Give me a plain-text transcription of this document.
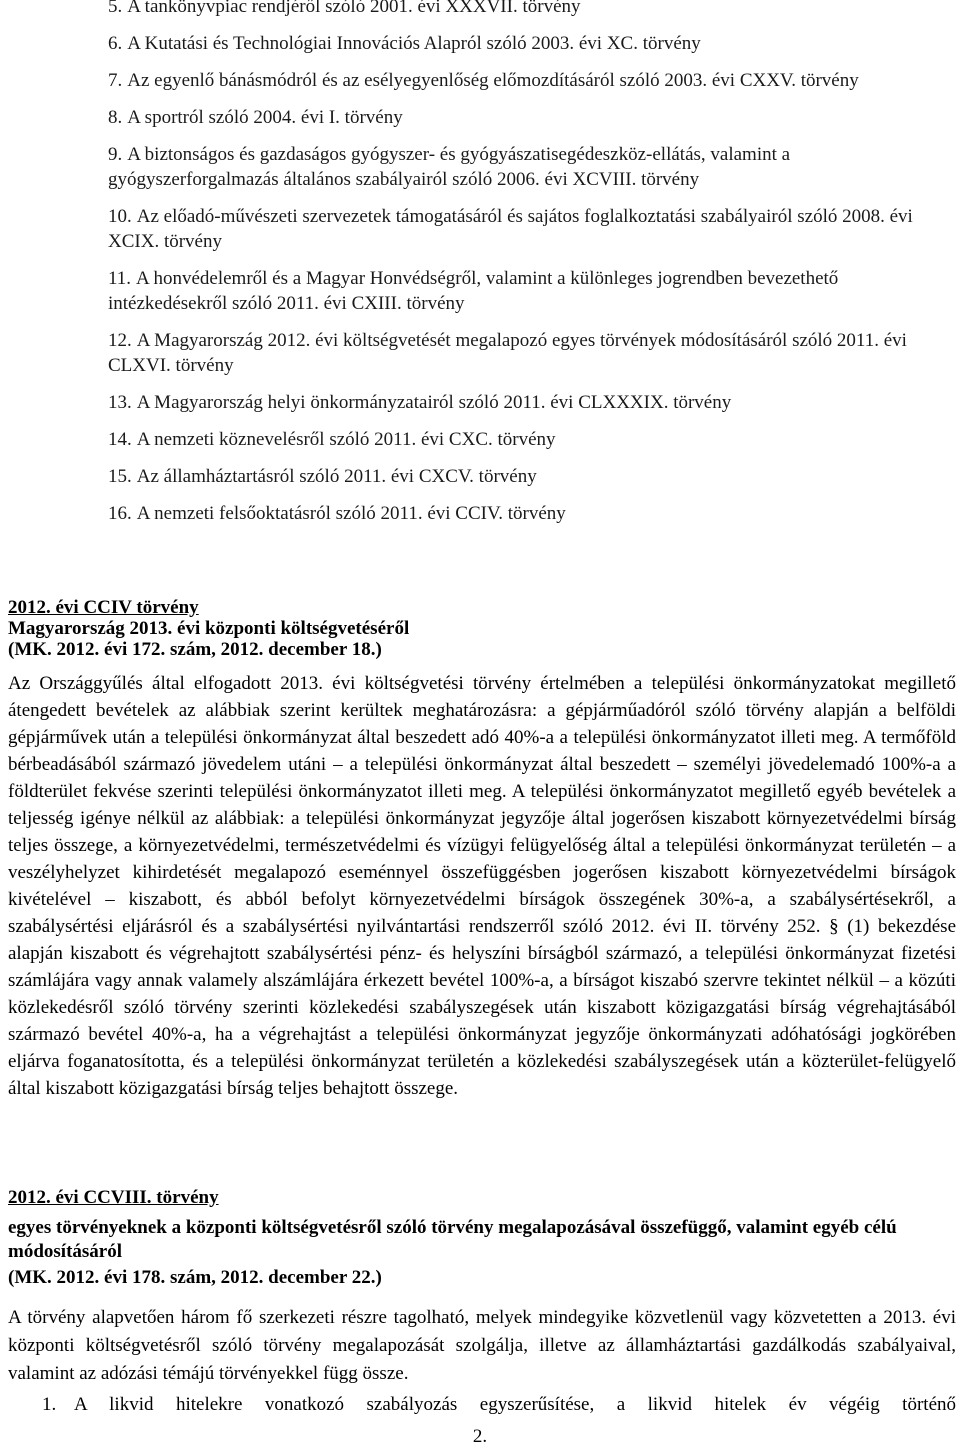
5. A tankönyvpiac rendjéről szóló 2001. évi XXXVII. törvény
6. A Kutatási és Technológiai Innovációs Alapról szóló 2003. évi XC. törvény
7. Az egyenlő bánásmódról és az esélyegyenlőség előmozdításáról szóló 2003. évi CXXV. törvény
8. A sportról szóló 2004. évi I. törvény
9. A biztonságos és gazdaságos gyógyszer- és gyógyászatisegédeszköz-ellátás, valamint a gyógyszerforgalmazás általános szabályairól szóló 2006. évi XCVIII. törvény
10. Az előadó-művészeti szervezetek támogatásáról és sajátos foglalkoztatási szabályairól szóló 2008. évi XCIX. törvény
11. A honvédelemről és a Magyar Honvédségről, valamint a különleges jogrendben bevezethető intézkedésekről szóló 2011. évi CXIII. törvény
12. A Magyarország 2012. évi költségvetését megalapozó egyes törvények módosításáról szóló 2011. évi CLXVI. törvény
13. A Magyarország helyi önkormányzatairól szóló 2011. évi CLXXXIX. törvény
14. A nemzeti köznevelésről szóló 2011. évi CXC. törvény
15. Az államháztartásról szóló 2011. évi CXCV. törvény
16. A nemzeti felsőoktatásról szóló 2011. évi CCIV. törvény

2012. évi CCIV törvény

Magyarország 2013. évi központi költségvetéséről

(MK. 2012. évi 172. szám, 2012. december 18.)

Az Országgyűlés által elfogadott 2013. évi költségvetési törvény értelmében a települési önkormányzatokat megillető átengedett bevételek az alábbiak szerint kerültek meghatározásra: a gépjárműadóról szóló törvény alapján a belföldi gépjárművek után a települési önkormányzat által beszedett adó 40%-a a települési önkormányzatot illeti meg. A termőföld bérbeadásából származó jövedelem utáni – a települési önkormányzat által beszedett – személyi jövedelemadó 100%-a a földterület fekvése szerinti települési önkormányzatot illeti meg. A települési önkormányzatot megillető egyéb bevételek a teljesség igénye nélkül az alábbiak: a települési önkormányzat jegyzője által jogerősen kiszabott környezetvédelmi bírság teljes összege, a környezetvédelmi, természetvédelmi és vízügyi felügyelőség által a települési önkormányzat területén – a veszélyhelyzet kihirdetését megalapozó eseménnyel összefüggésben jogerősen kiszabott környezetvédelmi bírságok kivételével – kiszabott, és abból befolyt környezetvédelmi bírságok összegének 30%-a, a szabálysértésekről, a szabálysértési eljárásról és a szabálysértési nyilvántartási rendszerről szóló 2012. évi II. törvény 252. § (1) bekezdése alapján kiszabott és végrehajtott szabálysértési pénz- és helyszíni bírságból származó, a települési önkormányzat fizetési számlájára vagy annak valamely alszámlájára érkezett bevétel 100%-a, a bírságot kiszabó szervre tekintet nélkül – a közúti közlekedésről szóló törvény szerinti közlekedési szabályszegések után kiszabott közigazgatási bírság végrehajtásából származó bevétel 40%-a, ha a végrehajtást a települési önkormányzat jegyzője önkormányzati adóhatósági jogkörében eljárva foganatosította, és a települési önkormányzat területén a közlekedési szabályszegések után a közterület-felügyelő által kiszabott közigazgatási bírság teljes behajtott összege.

2012. évi CCVIII. törvény

egyes törvényeknek a központi költségvetésről szóló törvény megalapozásával összefüggő, valamint egyéb célú módosításáról

(MK. 2012. évi 178. szám, 2012. december 22.)

A törvény alapvetően három fő szerkezeti részre tagolható, melyek mindegyike közvetlenül vagy közvetetten a 2013. évi központi költségvetésről szóló törvény megalapozását szolgálja, illetve az államháztartási gazdálkodás szabályaival, valamint az adózási témájú törvényekkel függ össze.

1. A likvid hitelekre vonatkozó szabályozás egyszerűsítése, a likvid hitelek év végéig történő
2.
